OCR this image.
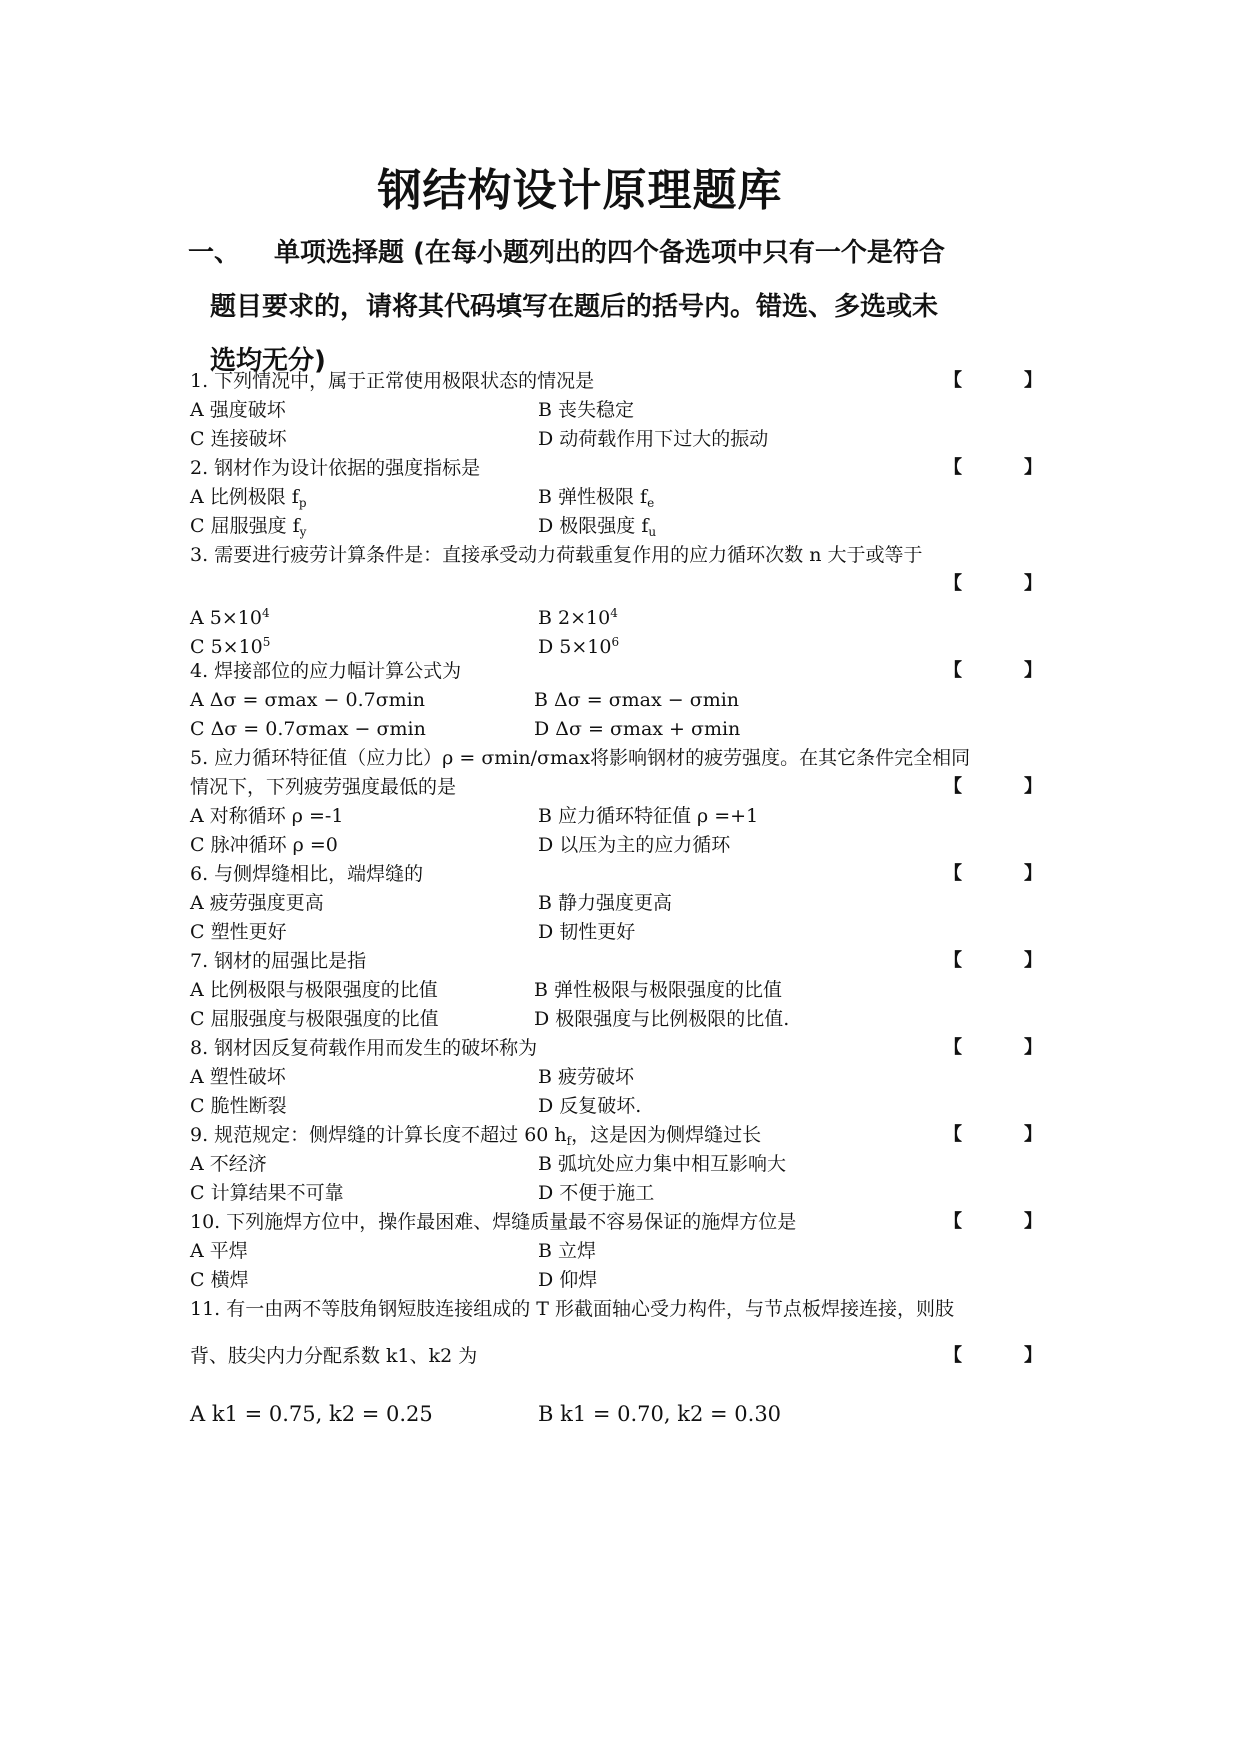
钢结构设计原理题库
一、 单项选择题 (在每小题列出的四个备选项中只有一个是符合
题目要求的，请将其代码填写在题后的括号内。错选、多选或未
选均无分)
1. 下列情况中，属于正常使用极限状态的情况是	【	】
A 强度破坏	B 丧失稳定
C 连接破坏	D 动荷载作用下过大的振动
2. 钢材作为设计依据的强度指标是	【	】
A 比例极限 $f_p$	B 弹性极限 $f_e$
C 屈服强度 $f_y$	D 极限强度 $f_u$
3. 需要进行疲劳计算条件是：直接承受动力荷载重复作用的应力循环次数 n 大于或等于
【	】
A $5\times 10^4$	B $2\times 10^4$
C $5\times 10^5$	D $5\times 10^6$
4. 焊接部位的应力幅计算公式为	【	】
A Δσ = σmax − 0.7σmin	B Δσ = σmax − σmin
C Δσ = 0.7σmax − σmin	D Δσ = σmax + σmin
5. 应力循环特征值（应力比）ρ = σmin/σmax将影响钢材的疲劳强度。在其它条件完全相同
情况下，下列疲劳强度最低的是	【	】
A 对称循环 ρ =-1	B 应力循环特征值 ρ =+1
C 脉冲循环 ρ =0	D 以压为主的应力循环
6. 与侧焊缝相比，端焊缝的	【	】
A 疲劳强度更高	B 静力强度更高
C 塑性更好	D 韧性更好
7. 钢材的屈强比是指	【	】
A 比例极限与极限强度的比值	B 弹性极限与极限强度的比值
C 屈服强度与极限强度的比值	D 极限强度与比例极限的比值.
8. 钢材因反复荷载作用而发生的破坏称为	【	】
A 塑性破坏	B 疲劳破坏
C 脆性断裂	D 反复破坏.
9. 规范规定：侧焊缝的计算长度不超过 60 $h_f$，这是因为侧焊缝过长	【	】
A 不经济	B 弧坑处应力集中相互影响大
C 计算结果不可靠	D 不便于施工
10. 下列施焊方位中，操作最困难、焊缝质量最不容易保证的施焊方位是	【	】
A 平焊	B 立焊
C 横焊	D 仰焊
11. 有一由两不等肢角钢短肢连接组成的 T 形截面轴心受力构件，与节点板焊接连接，则肢
背、肢尖内力分配系数 k1、k2 为	【	】
A k1 = 0.75, k2 = 0.25	B k1 = 0.70, k2 = 0.30
